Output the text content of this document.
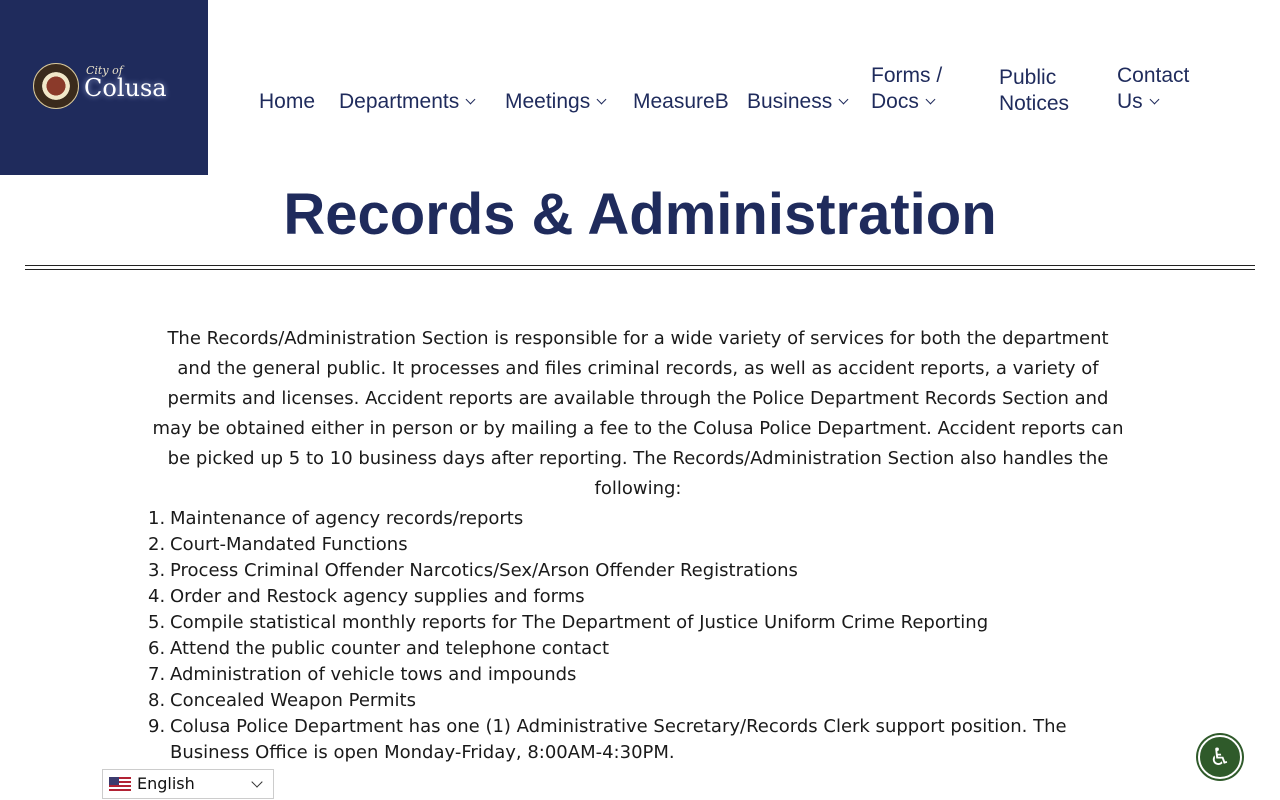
City of
Colusa	Home Departments	Meetings	MeasureB Business
Forms /
Docs
Public
Notices
Contact
Us
Records & Administration

The Records/Administration Section is responsible for a wide variety of services for both the department and the general public. It processes and files criminal records, as well as accident reports, a variety of permits and licenses. Accident reports are available through the Police Department Records Section and may be obtained either in person or by mailing a fee to the Colusa Police Department. Accident reports can be picked up 5 to 10 business days after reporting. The Records/Administration Section also handles the following:

1. Maintenance of agency records/reports
2. Court-Mandated Functions
3. Process Criminal Offender Narcotics/Sex/Arson Offender Registrations
4. Order and Restock agency supplies and forms
5. Compile statistical monthly reports for The Department of Justice Uniform Crime Reporting
6. Attend the public counter and telephone contact
7. Administration of vehicle tows and impounds
8. Concealed Weapon Permits
9. Colusa Police Department has one (1) Administrative Secretary/Records Clerk support position. The Business Office is open Monday-Friday, 8:00AM-4:30PM.
English
♿
